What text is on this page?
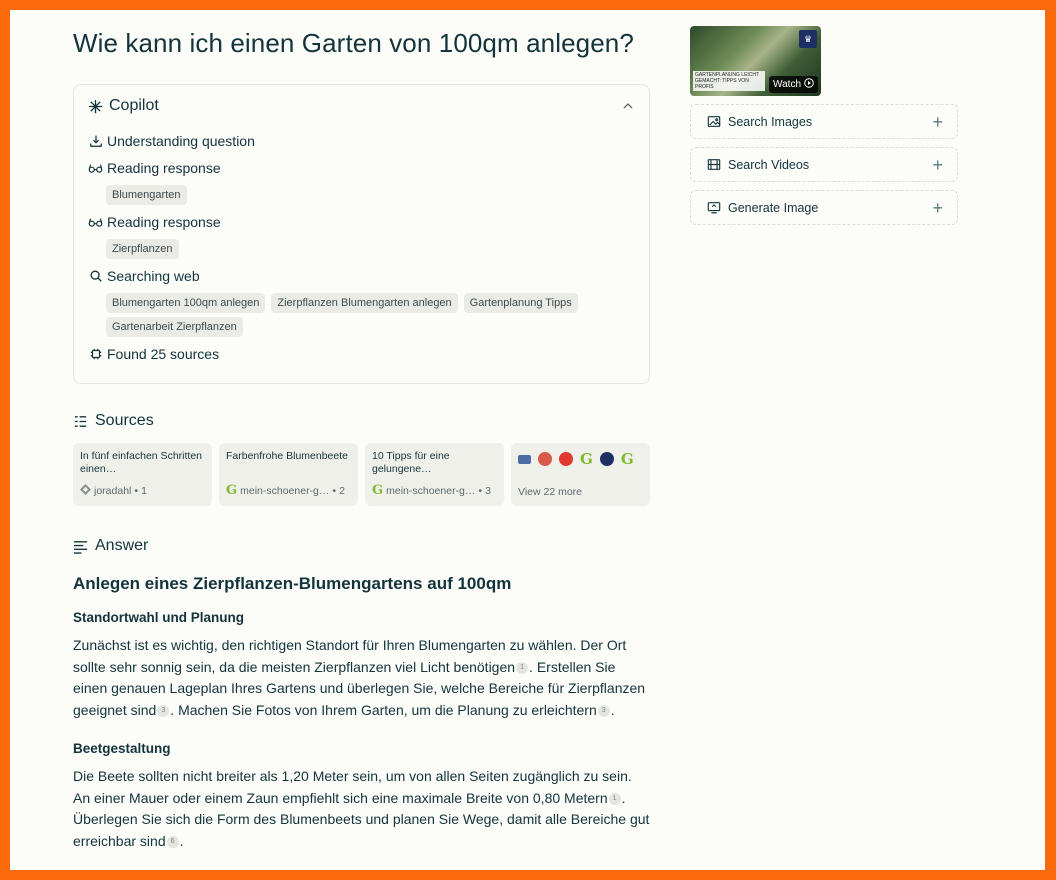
Wie kann ich einen Garten von 100qm anlegen?
Copilot
Understanding question
Reading response
Blumengarten
Reading response
Zierpflanzen
Searching web
Blumengarten 100qm anlegen	Zierpflanzen Blumengarten anlegen	Gartenplanung Tipps
Gartenarbeit Zierpflanzen
Found 25 sources
Sources
In fünf einfachen Schritten einen…
joradahl • 1
Farbenfrohe Blumenbeete
G mein-schoener-g… • 2
10 Tipps für eine gelungene…
G mein-schoener-g… • 3
G G
View 22 more
Answer
Anlegen eines Zierpflanzen-Blumengartens auf 100qm
Standortwahl und Planung

Zunächst ist es wichtig, den richtigen Standort für Ihren Blumengarten zu wählen. Der Ort sollte sehr sonnig sein, da die meisten Zierpflanzen viel Licht benötigen 1 . Erstellen Sie einen genauen Lageplan Ihres Gartens und überlegen Sie, welche Bereiche für Zierpflanzen geeignet sind 3 . Machen Sie Fotos von Ihrem Garten, um die Planung zu erleichtern 3 .

Beetgestaltung

Die Beete sollten nicht breiter als 1,20 Meter sein, um von allen Seiten zugänglich zu sein. An einer Mauer oder einem Zaun empfiehlt sich eine maximale Breite von 0,80 Metern 1 . Überlegen Sie sich die Form des Blumenbeets und planen Sie Wege, damit alle Bereiche gut erreichbar sind 6 .

♛
GARTENPLANUNG LEICHT GEMACHT: TIPPS VON PROFIS	Watch
Search Images	+
Search Videos	+
Generate Image	+
